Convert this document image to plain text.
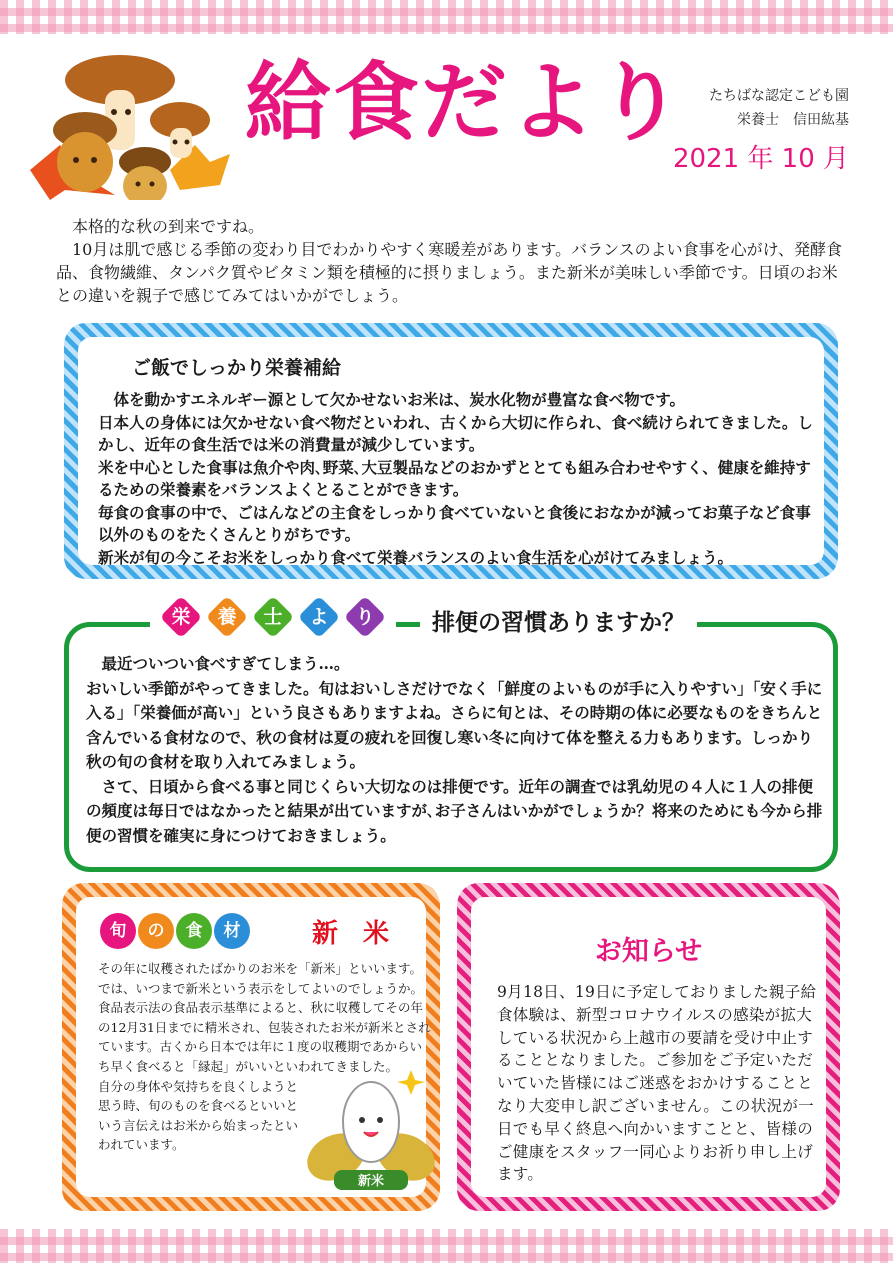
給食だより たちばな認定こども園
栄養士　信田紘基
2021 年 10 月

　本格的な秋の到来ですね。

　10月は肌で感じる季節の変わり目でわかりやすく寒暖差があります。バランスのよい食事を心がけ、発酵食品、食物繊維、タンパク質やビタミン類を積極的に摂りましょう。また新米が美味しい季節です。日頃のお米との違いを親子で感じてみてはいかがでしょう。

ご飯でしっかり栄養補給

　体を動かすエネルギー源として欠かせないお米は、炭水化物が豊富な食べ物です。

日本人の身体には欠かせない食べ物だといわれ、古くから大切に作られ、食べ続けられてきました。しかし、近年の食生活では米の消費量が減少しています。

米を中心とした食事は魚介や肉､野菜､大豆製品などのおかずととても組み合わせやすく、健康を維持するための栄養素をバランスよくとることができます。

毎食の食事の中で、ごはんなどの主食をしっかり食べていないと食後におなかが減ってお菓子など食事以外のものをたくさんとりがちです。

新米が旬の今こそお米をしっかり食べて栄養バランスのよい食生活を心がけてみましょう。

栄	養	士	よ	り	排便の習慣ありますか？

　最近ついつい食べすぎてしまう…。

おいしい季節がやってきました。旬はおいしさだけでなく「鮮度のよいものが手に入りやすい」「安く手に入る」「栄養価が高い」という良さもありますよね。さらに旬とは、その時期の体に必要なものをきちんと含んでいる食材なので、秋の食材は夏の疲れを回復し寒い冬に向けて体を整える力もあります。しっかり秋の旬の食材を取り入れてみましょう。

　さて、日頃から食べる事と同じくらい大切なのは排便です。近年の調査では乳幼児の４人に１人の排便の頻度は毎日ではなかったと結果が出ていますが､お子さんはいかがでしょうか？将来のためにも今から排便の習慣を確実に身につけておきましょう。

旬	の	食	材	新 米

その年に収穫されたばかりのお米を「新米」といいます。では、いつまで新米という表示をしてよいのでしょうか。食品表示法の食品表示基準によると、秋に収穫してその年の12月31日までに精米され、包装されたお米が新米とされています。古くから日本では年に１度の収穫期であからいち早く食べると「縁起」がいいといわれてきました。

自分の身体や気持ちを良くしようと思う時、旬のものを食べるといいという言伝えはお米から始まったといわれています。

新米
お知らせ

9月18日、19日に予定しておりました親子給食体験は、新型コロナウイルスの感染が拡大している状況から上越市の要請を受け中止することとなりました。ご参加をご予定いただいていた皆様にはご迷惑をおかけすることとなり大変申し訳ございません。この状況が一日でも早く終息へ向かいますことと、皆様のご健康をスタッフ一同心よりお祈り申し上げます。
